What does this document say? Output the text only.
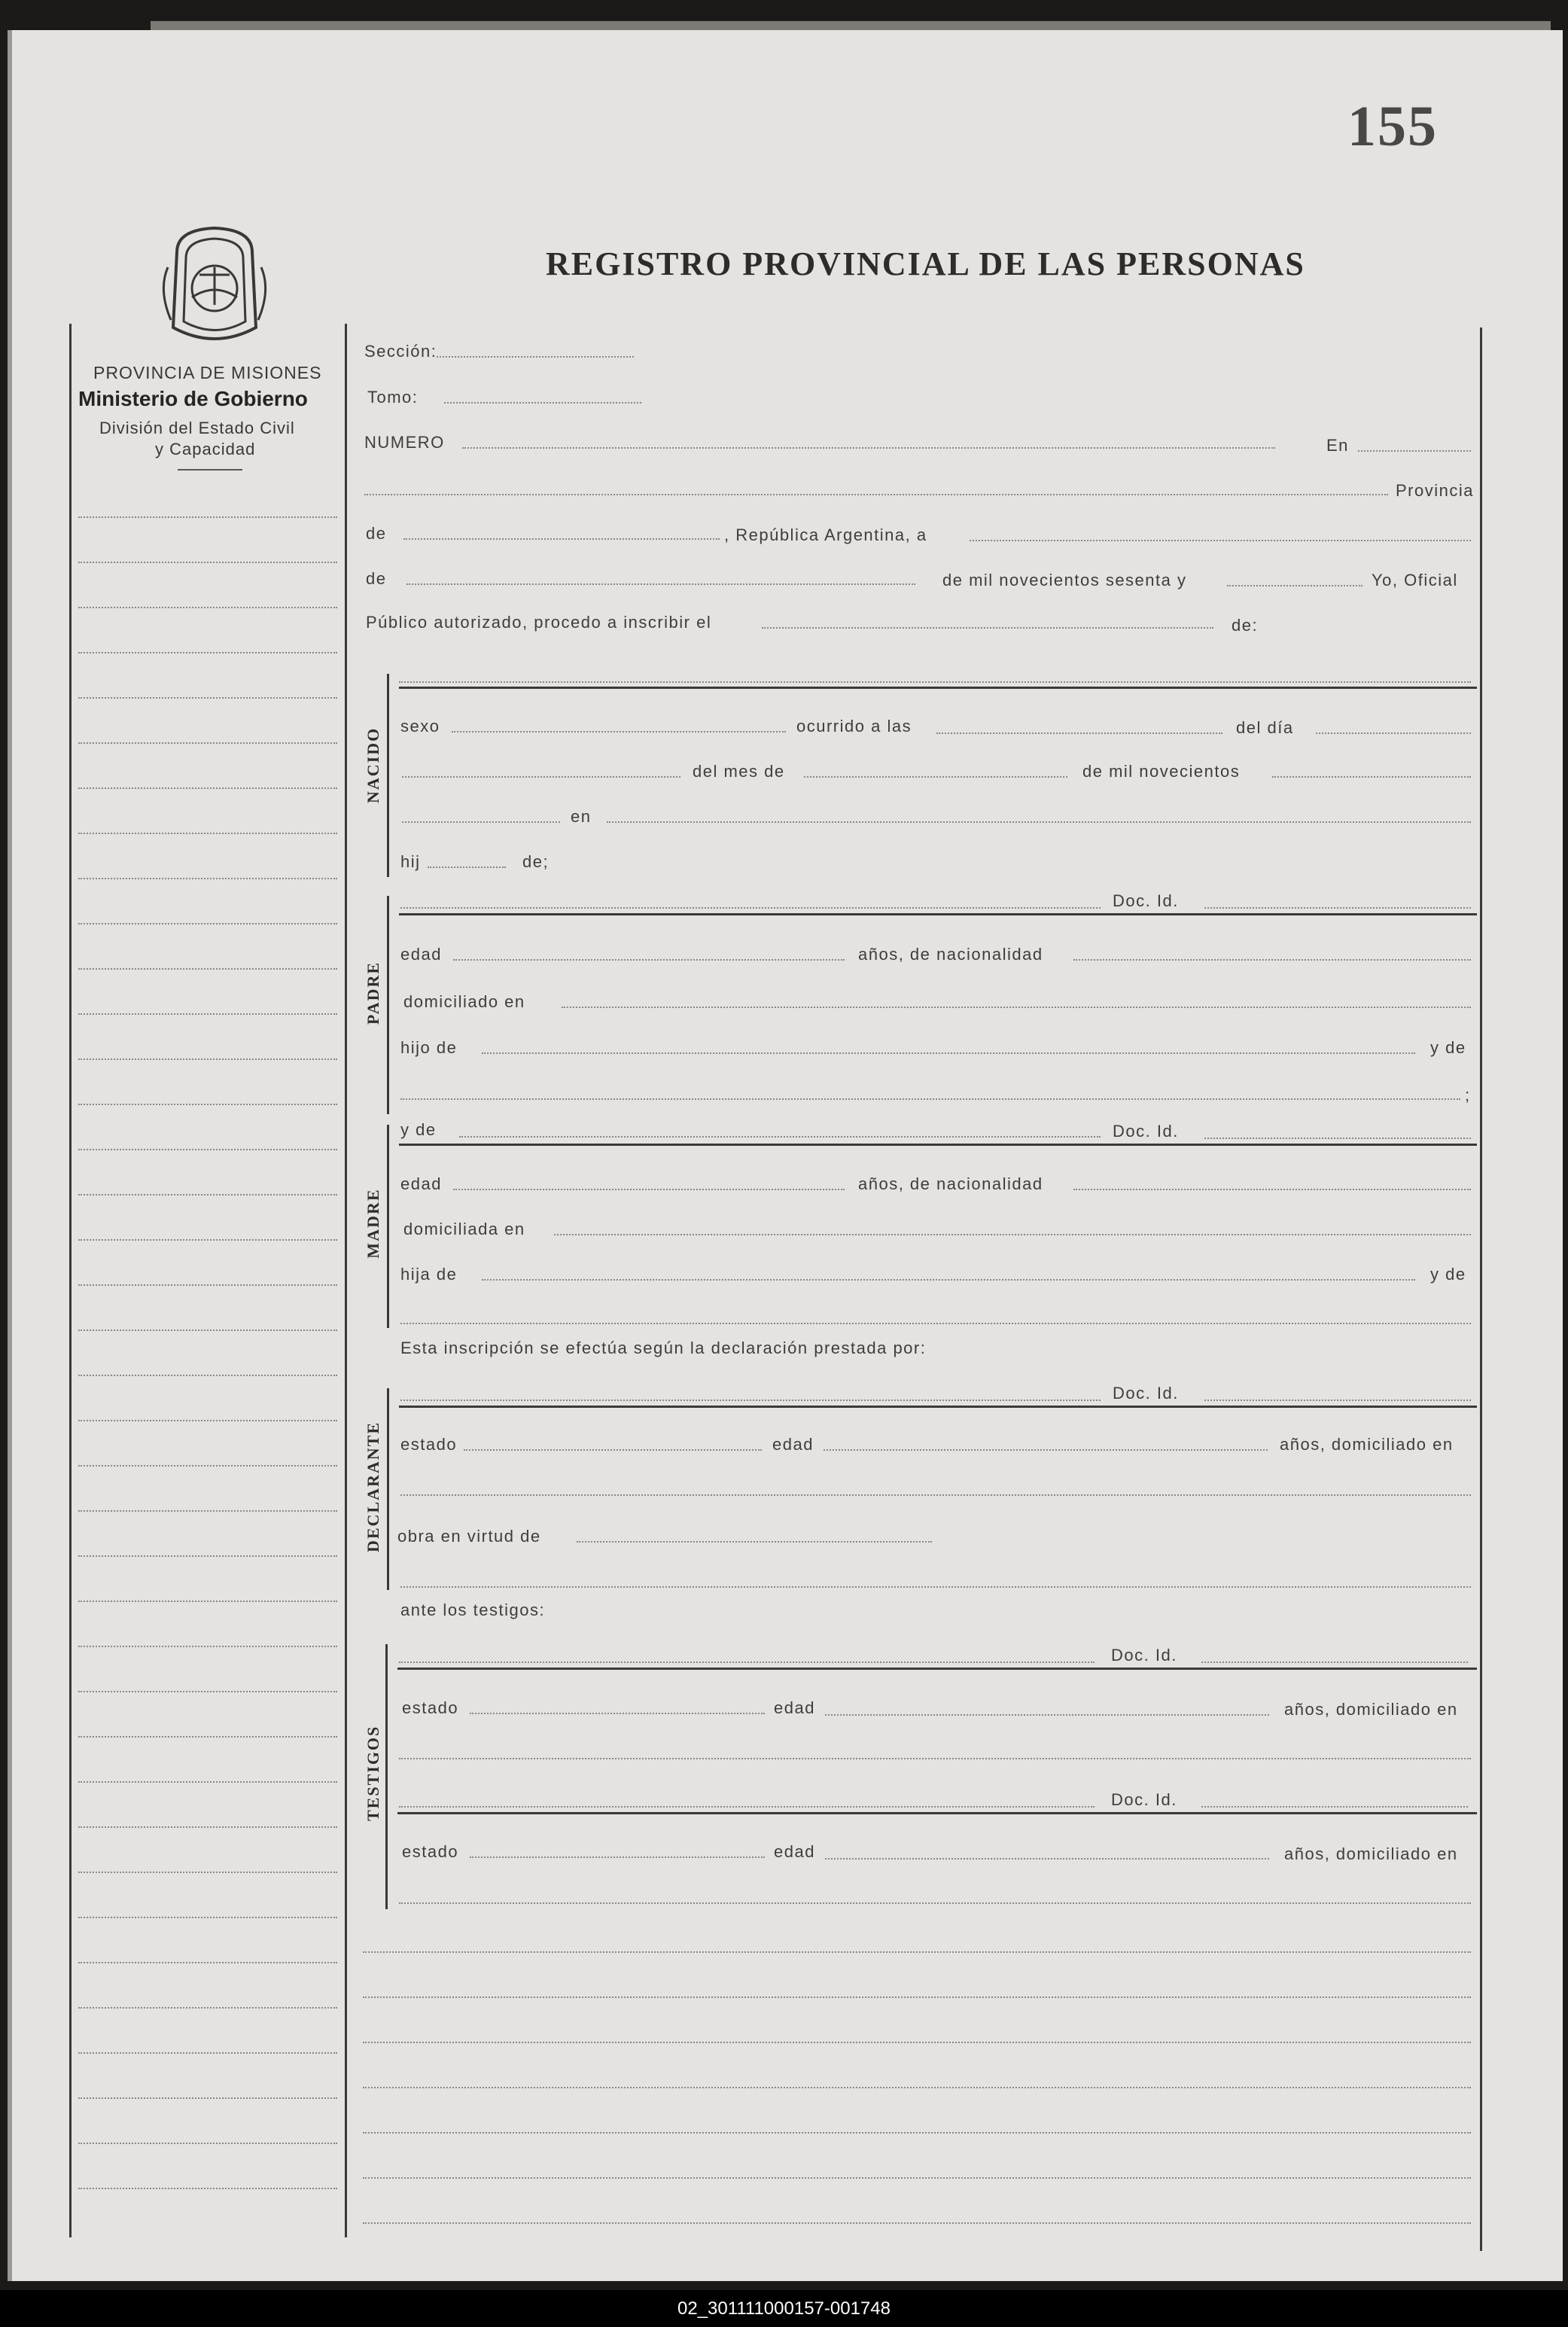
155
REGISTRO PROVINCIAL DE LAS PERSONAS
PROVINCIA DE MISIONES
Ministerio de Gobierno
División del Estado Civil
y Capacidad
Sección:
Tomo:
NUMERO	En
Provincia
de	, República Argentina, a
de	de mil novecientos sesenta y	Yo, Oficial
Público autorizado, procedo a inscribir el	de:
NACIDO
sexo	ocurrido a las	del día
del mes de	de mil novecientos
en
hij	de;
Doc. Id.
PADRE
edad	años, de nacionalidad
domiciliado en
hijo de	y de
;
y de	Doc. Id.
MADRE
edad	años, de nacionalidad
domiciliada en
hija de	y de
Esta inscripción se efectúa según la declaración prestada por:
Doc. Id.
DECLARANTE estado	edad	años, domiciliado en
obra en virtud de
ante los testigos:
Doc. Id.
estado	edad	años, domiciliado en
TESTIGOS	Doc. Id.
estado	edad	años, domiciliado en
02_301111000157-001748
